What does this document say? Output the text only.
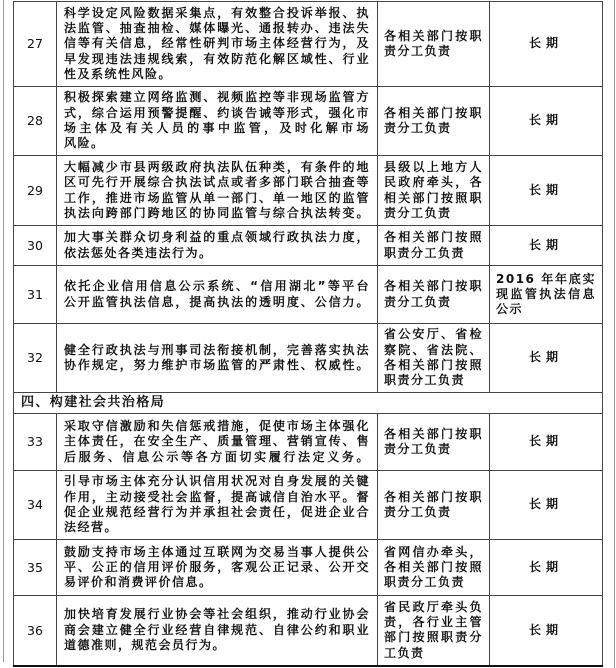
27	科学设定风险数据采集点，有效整合投诉举报、执
法监管、抽查抽检、媒体曝光、通报转办、违法失
信等有关信息，经常性研判市场主体经营行为，及
早发现违法违规线索，有效防范化解区域性、行业
性及系统性风险。	各相关部门按职
责分工负责	长期
28	积极探索建立网络监测、视频监控等非现场监管方
式，综合运用预警提醒、约谈告诫等形式，强化市
场主体及有关人员的事中监管，及时化解市场
风险。	各相关部门按职
责分工负责	长期
29	大幅减少市县两级政府执法队伍种类，有条件的地
区可先行开展综合执法试点或者多部门联合抽查等
工作，推进市场监管从单一部门、单一地区的监管
执法向跨部门跨地区的协同监管与综合执法转变。	县级以上地方人
民政府牵头，各
相关部门按照职
责分工负责	长期
30	加大事关群众切身利益的重点领域行政执法力度，
依法惩处各类违法行为。	各相关部门按照
职责分工负责	长期
31	依托企业信用信息公示系统、“信用湖北”等平台
公开监管执法信息，提高执法的透明度、公信力。	各相关部门按职
责分工负责	2016 年年底实
现监管执法信息
公示

32	健全行政执法与刑事司法衔接机制，完善落实执法
协作规定，努力维护市场监管的严肃性、权威性。	省公安厅、省检
察院、省法院、
各相关部门按照
职责分工负责	长期
四、构建社会共治格局			
33	采取守信激励和失信惩戒措施，促使市场主体强化
主体责任，在安全生产、质量管理、营销宣传、售
后服务、信息公示等各方面切实履行法定义务。	各相关部门按职
责分工负责	长期
34	引导市场主体充分认识信用状况对自身发展的关键
作用，主动接受社会监督，提高诚信自治水平。督
促企业规范经营行为并承担社会责任，促进企业合
法经营。	各相关部门按职
责分工负责	长期
35	鼓励支持市场主体通过互联网为交易当事人提供公
平、公正的信用评价服务，客观公正记录、公开交
易评价和消费评价信息。	省网信办牵头，
各相关部门按照
职责分工负责	长期
36	加快培育发展行业协会等社会组织，推动行业协会
商会建立健全行业经营自律规范、自律公约和职业
道德准则，规范会员行为。	省民政厅牵头负
责，各行业主管
部门按照职责分
工负责	长期
